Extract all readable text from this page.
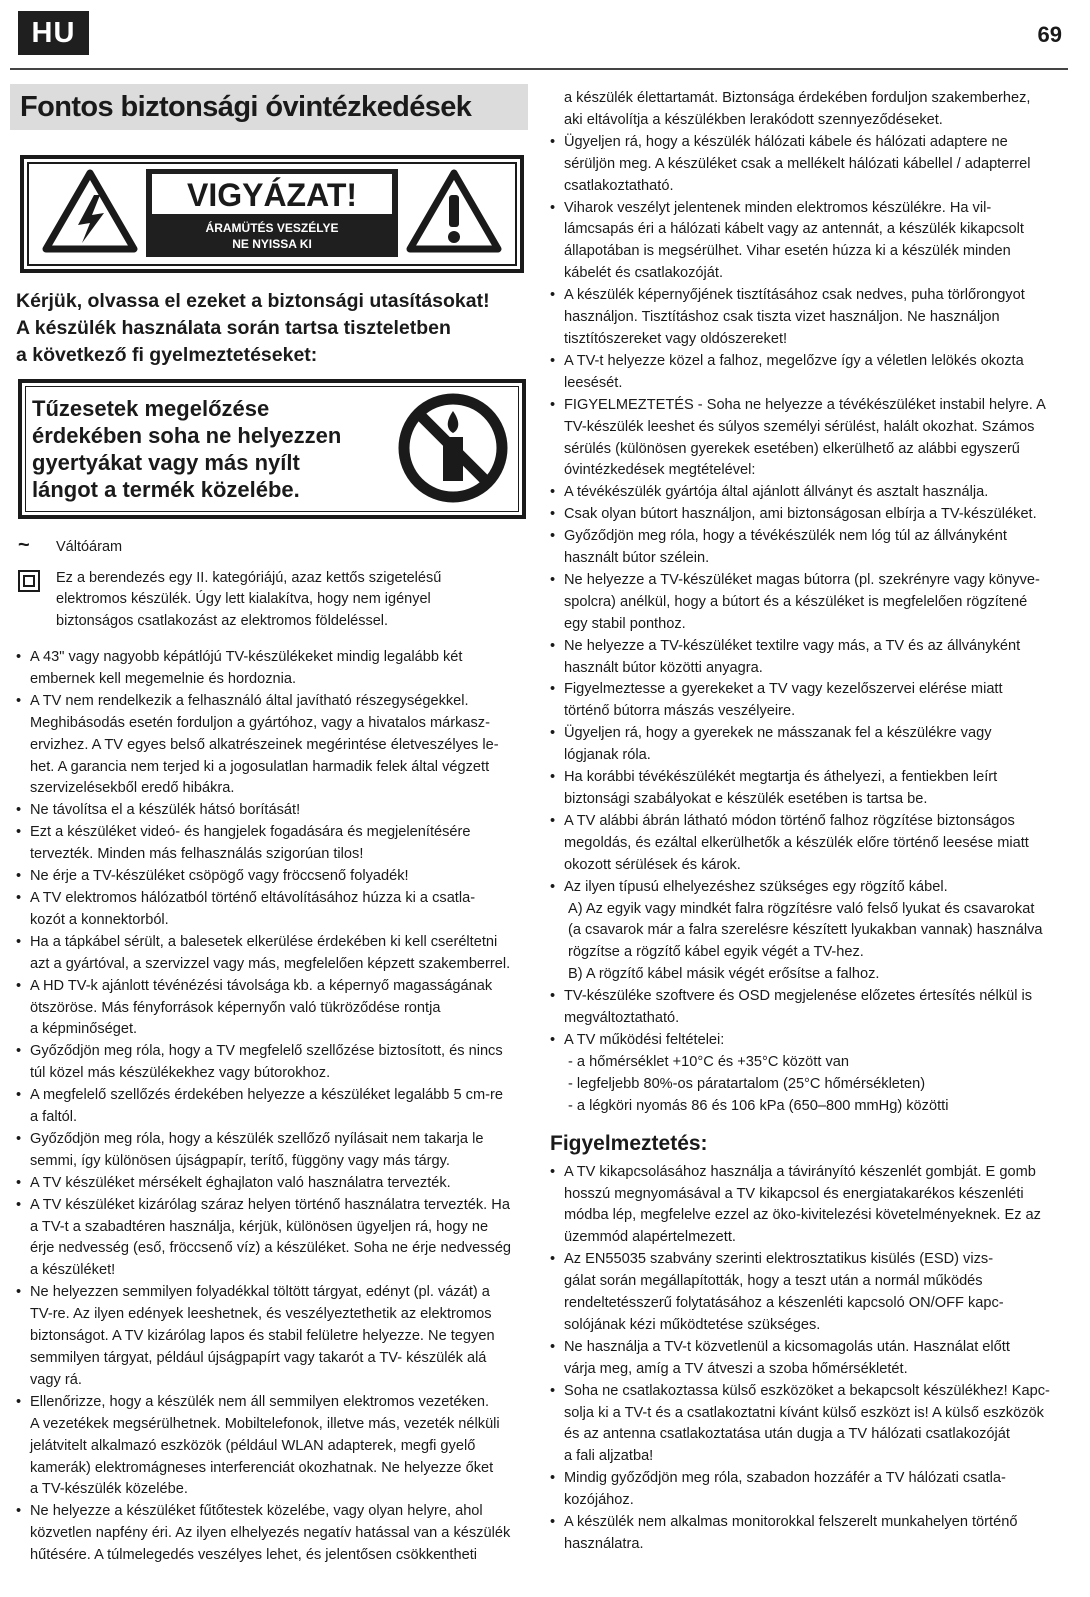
HU	69
Fontos biztonsági óvintézkedések
VIGYÁZAT!
ÁRAMÜTÉS VESZÉLYE
NE NYISSA KI
Kérjük, olvassa el ezeket a biztonsági utasításokat!
A készülék használata során tartsa tiszteletben
a következő fi gyelmeztetéseket:
Tűzesetek megelőzése
érdekében soha ne helyezzen
gyertyákat vagy más nyílt
lángot a termék közelébe.
~ Váltóáram
Ez a berendezés egy II. kategóriájú, azaz kettős szigetelésű
elektromos készülék. Úgy lett kialakítva, hogy nem igényel
biztonságos csatlakozást az elektromos földeléssel.
• A 43" vagy nagyobb képátlójú TV-készülékeket mindig legalább két
embernek kell megemelnie és hordoznia.
• A TV nem rendelkezik a felhasználó által javítható részegységekkel.
Meghibásodás esetén forduljon a gyártóhoz, vagy a hivatalos márkasz-
ervizhez. A TV egyes belső alkatrészeinek megérintése életveszélyes le-
het. A garancia nem terjed ki a jogosulatlan harmadik felek által végzett
szervizelésekből eredő hibákra.
• Ne távolítsa el a készülék hátsó borítását!
• Ezt a készüléket videó- és hangjelek fogadására és megjelenítésére
tervezték. Minden más felhasználás szigorúan tilos!
• Ne érje a TV-készüléket csöpögő vagy fröccsenő folyadék!
• A TV elektromos hálózatból történő eltávolításához húzza ki a csatla-
kozót a konnektorból.
• Ha a tápkábel sérült, a balesetek elkerülése érdekében ki kell cseréltetni
azt a gyártóval, a szervizzel vagy más, megfelelően képzett szakemberrel.
• A HD TV-k ajánlott tévénézési távolsága kb. a képernyő magasságának
ötszöröse. Más fényforrások képernyőn való tükröződése rontja
a képminőséget.
• Győződjön meg róla, hogy a TV megfelelő szellőzése biztosított, és nincs
túl közel más készülékekhez vagy bútorokhoz.
• A megfelelő szellőzés érdekében helyezze a készüléket legalább 5 cm-re
a faltól.
• Győződjön meg róla, hogy a készülék szellőző nyílásait nem takarja le
semmi, így különösen újságpapír, terítő, függöny vagy más tárgy.
• A TV készüléket mérsékelt éghajlaton való használatra tervezték.
• A TV készüléket kizárólag száraz helyen történő használatra tervezték. Ha
a TV-t a szabadtéren használja, kérjük, különösen ügyeljen rá, hogy ne
érje nedvesség (eső, fröccsenő víz) a készüléket. Soha ne érje nedvesség
a készüléket!
• Ne helyezzen semmilyen folyadékkal töltött tárgyat, edényt (pl. vázát) a
TV-re. Az ilyen edények leeshetnek, és veszélyeztethetik az elektromos
biztonságot. A TV kizárólag lapos és stabil felületre helyezze. Ne tegyen
semmilyen tárgyat, például újságpapírt vagy takarót a TV- készülék alá
vagy rá.
• Ellenőrizze, hogy a készülék nem áll semmilyen elektromos vezetéken.
A vezetékek megsérülhetnek. Mobiltelefonok, illetve más, vezeték nélküli
jelátvitelt alkalmazó eszközök (például WLAN adapterek, megfi gyelő
kamerák) elektromágneses interferenciát okozhatnak. Ne helyezze őket
a TV-készülék közelébe.
• Ne helyezze a készüléket fűtőtestek közelébe, vagy olyan helyre, ahol
közvetlen napfény éri. Az ilyen elhelyezés negatív hatással van a készülék
hűtésére. A túlmelegedés veszélyes lehet, és jelentősen csökkentheti
a készülék élettartamát. Biztonsága érdekében forduljon szakemberhez,
aki eltávolítja a készülékben lerakódott szennyeződéseket.
• Ügyeljen rá, hogy a készülék hálózati kábele és hálózati adaptere ne
sérüljön meg. A készüléket csak a mellékelt hálózati kábellel / adapterrel
csatlakoztatható.
• Viharok veszélyt jelentenek minden elektromos készülékre. Ha vil-
lámcsapás éri a hálózati kábelt vagy az antennát, a készülék kikapcsolt
állapotában is megsérülhet. Vihar esetén húzza ki a készülék minden
kábelét és csatlakozóját.
• A készülék képernyőjének tisztításához csak nedves, puha törlőrongyot
használjon. Tisztításhoz csak tiszta vizet használjon. Ne használjon
tisztítószereket vagy oldószereket!
• A TV-t helyezze közel a falhoz, megelőzve így a véletlen lelökés okozta
leesését.
• FIGYELMEZTETÉS - Soha ne helyezze a tévékészüléket instabil helyre. A
TV-készülék leeshet és súlyos személyi sérülést, halált okozhat. Számos
sérülés (különösen gyerekek esetében) elkerülhető az alábbi egyszerű
óvintézkedések megtételével:
• A tévékészülék gyártója által ajánlott állványt és asztalt használja.
• Csak olyan bútort használjon, ami biztonságosan elbírja a TV-készüléket.
• Győződjön meg róla, hogy a tévékészülék nem lóg túl az állványként
használt bútor szélein.
• Ne helyezze a TV-készüléket magas bútorra (pl. szekrényre vagy könyve-
spolcra) anélkül, hogy a bútort és a készüléket is megfelelően rögzítené
egy stabil ponthoz.
• Ne helyezze a TV-készüléket textilre vagy más, a TV és az állványként
használt bútor közötti anyagra.
• Figyelmeztesse a gyerekeket a TV vagy kezelőszervei elérése miatt
történő bútorra mászás veszélyeire.
• Ügyeljen rá, hogy a gyerekek ne másszanak fel a készülékre vagy
lógjanak róla.
• Ha korábbi tévékészülékét megtartja és áthelyezi, a fentiekben leírt
biztonsági szabályokat e készülék esetében is tartsa be.
• A TV alábbi ábrán látható módon történő falhoz rögzítése biztonságos
megoldás, és ezáltal elkerülhetők a készülék előre történő leesése miatt
okozott sérülések és károk.
• Az ilyen típusú elhelyezéshez szükséges egy rögzítő kábel.
A) Az egyik vagy mindkét falra rögzítésre való felső lyukat és csavarokat
(a csavarok már a falra szerelésre készített lyukakban vannak) használva
rögzítse a rögzítő kábel egyik végét a TV-hez.
B) A rögzítő kábel másik végét erősítse a falhoz.
• TV-készüléke szoftvere és OSD megjelenése előzetes értesítés nélkül is
megváltoztatható.
• A TV működési feltételei:
- a hőmérséklet +10°C és +35°C között van
- legfeljebb 80%-os páratartalom (25°C hőmérsékleten)
- a légköri nyomás 86 és 106 kPa (650–800 mmHg) közötti
Figyelmeztetés:
• A TV kikapcsolásához használja a távirányító készenlét gombját. E gomb
hosszú megnyomásával a TV kikapcsol és energiatakarékos készenléti
módba lép, megfelelve ezzel az öko-kivitelezési követelményeknek. Ez az
üzemmód alapértelmezett.
• Az EN55035 szabvány szerinti elektrosztatikus kisülés (ESD) vizs-
gálat során megállapították, hogy a teszt után a normál működés
rendeltetésszerű folytatásához a készenléti kapcsoló ON/OFF kapc-
solójának kézi működtetése szükséges.
• Ne használja a TV-t közvetlenül a kicsomagolás után. Használat előtt
várja meg, amíg a TV átveszi a szoba hőmérsékletét.
• Soha ne csatlakoztassa külső eszközöket a bekapcsolt készülékhez! Kapc-
solja ki a TV-t és a csatlakoztatni kívánt külső eszközt is! A külső eszközök
és az antenna csatlakoztatása után dugja a TV hálózati csatlakozóját
a fali aljzatba!
• Mindig győződjön meg róla, szabadon hozzáfér a TV hálózati csatla-
kozójához.
• A készülék nem alkalmas monitorokkal felszerelt munkahelyen történő
használatra.
